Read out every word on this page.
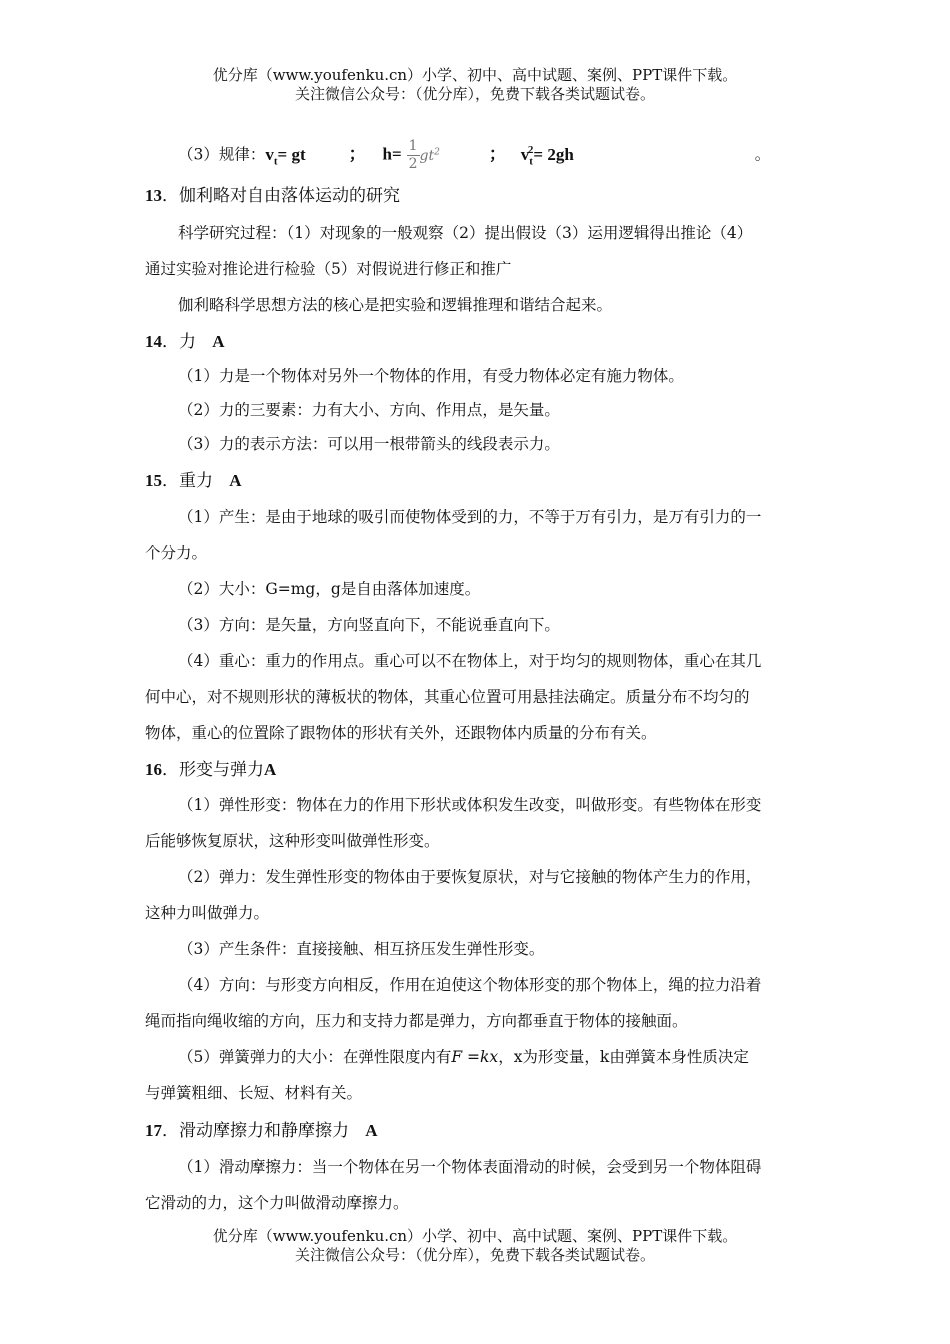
优分库（www.youfenku.cn）小学、初中、高中试题、案例、PPT课件下载。
关注微信公众号：（优分库），免费下载各类试题试卷。
（3）规律：$v_t=$ gt	； $h= \frac{1}{2} gt^2$	； $v_t^2= 2gh$	。
13．伽利略对自由落体运动的研究
科学研究过程：（1）对现象的一般观察（2）提出假设（3）运用逻辑得出推论（4）
通过实验对推论进行检验（5）对假说进行修正和推广
伽利略科学思想方法的核心是把实验和逻辑推理和谐结合起来。
14．力 A
（1）力是一个物体对另外一个物体的作用，有受力物体必定有施力物体。
（2）力的三要素：力有大小、方向、作用点，是矢量。
（3）力的表示方法：可以用一根带箭头的线段表示力。
15．重力 A
（1）产生：是由于地球的吸引而使物体受到的力，不等于万有引力，是万有引力的一
个分力。
（2）大小：G=mg，g是自由落体加速度。
（3）方向：是矢量，方向竖直向下，不能说垂直向下。
（4）重心：重力的作用点。重心可以不在物体上，对于均匀的规则物体，重心在其几
何中心，对不规则形状的薄板状的物体，其重心位置可用悬挂法确定。质量分布不均匀的
物体，重心的位置除了跟物体的形状有关外，还跟物体内质量的分布有关。
16．形变与弹力A
（1）弹性形变：物体在力的作用下形状或体积发生改变，叫做形变。有些物体在形变
后能够恢复原状，这种形变叫做弹性形变。
（2）弹力：发生弹性形变的物体由于要恢复原状，对与它接触的物体产生力的作用，
这种力叫做弹力。
（3）产生条件：直接接触、相互挤压发生弹性形变。
（4）方向：与形变方向相反，作用在迫使这个物体形变的那个物体上，绳的拉力沿着
绳而指向绳收缩的方向，压力和支持力都是弹力，方向都垂直于物体的接触面。
（5）弹簧弹力的大小：在弹性限度内有F =kx，x为形变量，k由弹簧本身性质决定
与弹簧粗细、长短、材料有关。
17．滑动摩擦力和静摩擦力 A
（1）滑动摩擦力：当一个物体在另一个物体表面滑动的时候，会受到另一个物体阻碍
它滑动的力，这个力叫做滑动摩擦力。
优分库（www.youfenku.cn）小学、初中、高中试题、案例、PPT课件下载。
关注微信公众号：（优分库），免费下载各类试题试卷。
